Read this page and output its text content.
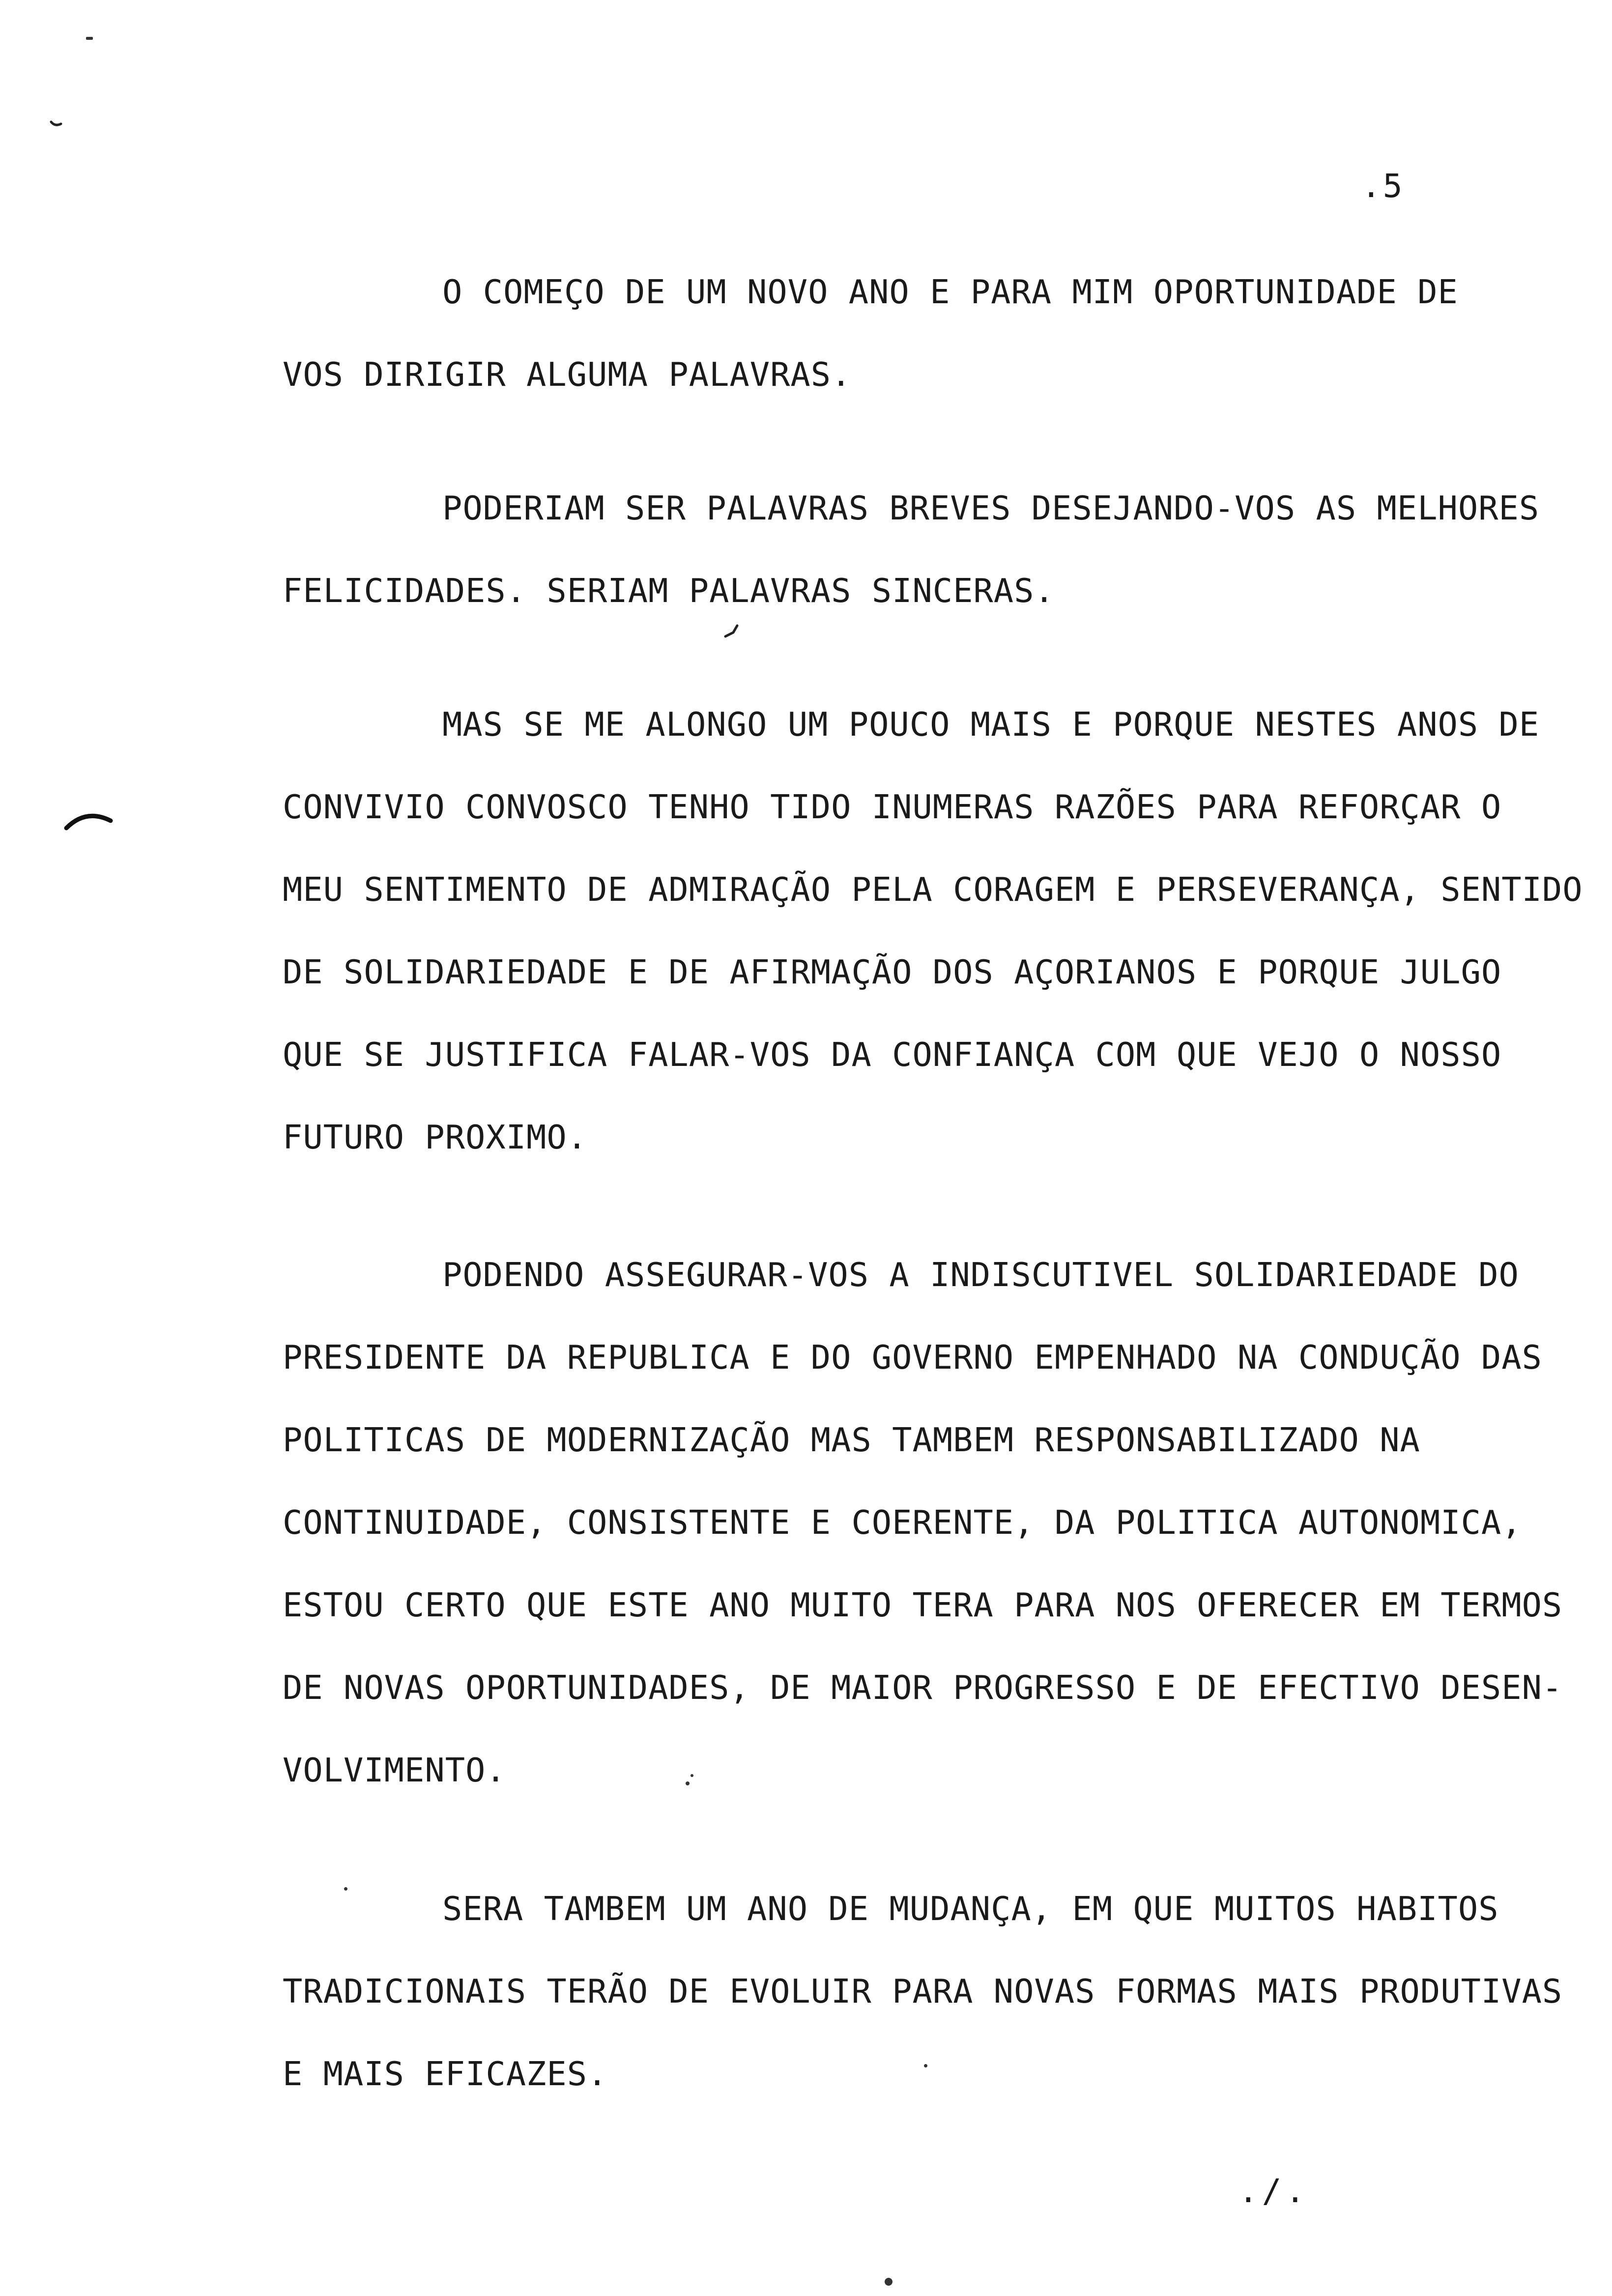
.5
O COMEÇO DE UM NOVO ANO E PARA MIM OPORTUNIDADE DE
VOS DIRIGIR ALGUMA PALAVRAS.
PODERIAM SER PALAVRAS BREVES DESEJANDO-VOS AS MELHORES
FELICIDADES. SERIAM PALAVRAS SINCERAS.
MAS SE ME ALONGO UM POUCO MAIS E PORQUE NESTES ANOS DE
CONVIVIO CONVOSCO TENHO TIDO INUMERAS RAZÕES PARA REFORÇAR O
MEU SENTIMENTO DE ADMIRAÇÃO PELA CORAGEM E PERSEVERANÇA, SENTIDO
DE SOLIDARIEDADE E DE AFIRMAÇÃO DOS AÇORIANOS E PORQUE JULGO
QUE SE JUSTIFICA FALAR-VOS DA CONFIANÇA COM QUE VEJO O NOSSO
FUTURO PROXIMO.
PODENDO ASSEGURAR-VOS A INDISCUTIVEL SOLIDARIEDADE DO
PRESIDENTE DA REPUBLICA E DO GOVERNO EMPENHADO NA CONDUÇÃO DAS
POLITICAS DE MODERNIZAÇÃO MAS TAMBEM RESPONSABILIZADO NA
CONTINUIDADE, CONSISTENTE E COERENTE, DA POLITICA AUTONOMICA,
ESTOU CERTO QUE ESTE ANO MUITO TERA PARA NOS OFERECER EM TERMOS
DE NOVAS OPORTUNIDADES, DE MAIOR PROGRESSO E DE EFECTIVO DESEN-
VOLVIMENTO.
SERA TAMBEM UM ANO DE MUDANÇA, EM QUE MUITOS HABITOS
TRADICIONAIS TERÃO DE EVOLUIR PARA NOVAS FORMAS MAIS PRODUTIVAS
E MAIS EFICAZES.
./.
